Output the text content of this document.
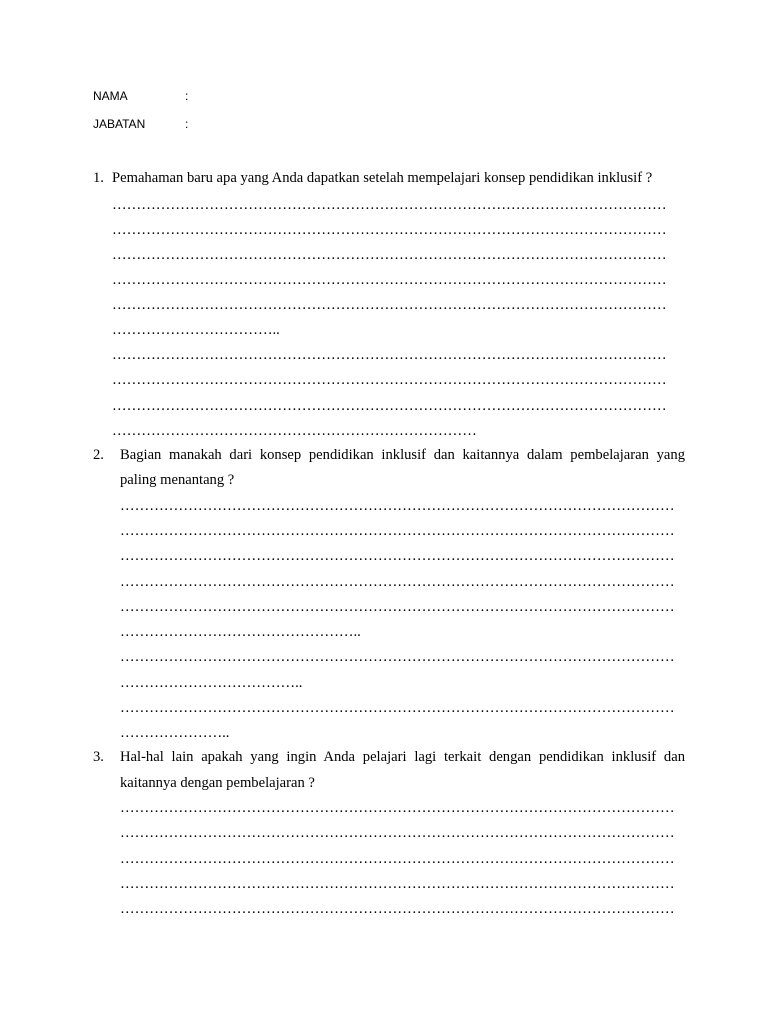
NAMA	:
JABATAN	:
1. Pemahaman baru apa yang Anda dapatkan setelah mempelajari konsep pendidikan inklusif ?
……………………………………………………………………………………………………
……………………………………………………………………………………………………
……………………………………………………………………………………………………
……………………………………………………………………………………………………
……………………………………………………………………………………………………
……………………………..
……………………………………………………………………………………………………
……………………………………………………………………………………………………
……………………………………………………………………………………………………
…………………………………………………………………
2. Bagian manakah dari konsep pendidikan inklusif dan kaitannya dalam pembelajaran yang
paling menantang ?
……………………………………………………………………………………………………
……………………………………………………………………………………………………
……………………………………………………………………………………………………
……………………………………………………………………………………………………
……………………………………………………………………………………………………
…………………………………………..
……………………………………………………………………………………………………
………………………………..
……………………………………………………………………………………………………
…………………..
3. Hal-hal lain apakah yang ingin Anda pelajari lagi terkait dengan pendidikan inklusif dan
kaitannya dengan pembelajaran ?
……………………………………………………………………………………………………
……………………………………………………………………………………………………
……………………………………………………………………………………………………
……………………………………………………………………………………………………
……………………………………………………………………………………………………
